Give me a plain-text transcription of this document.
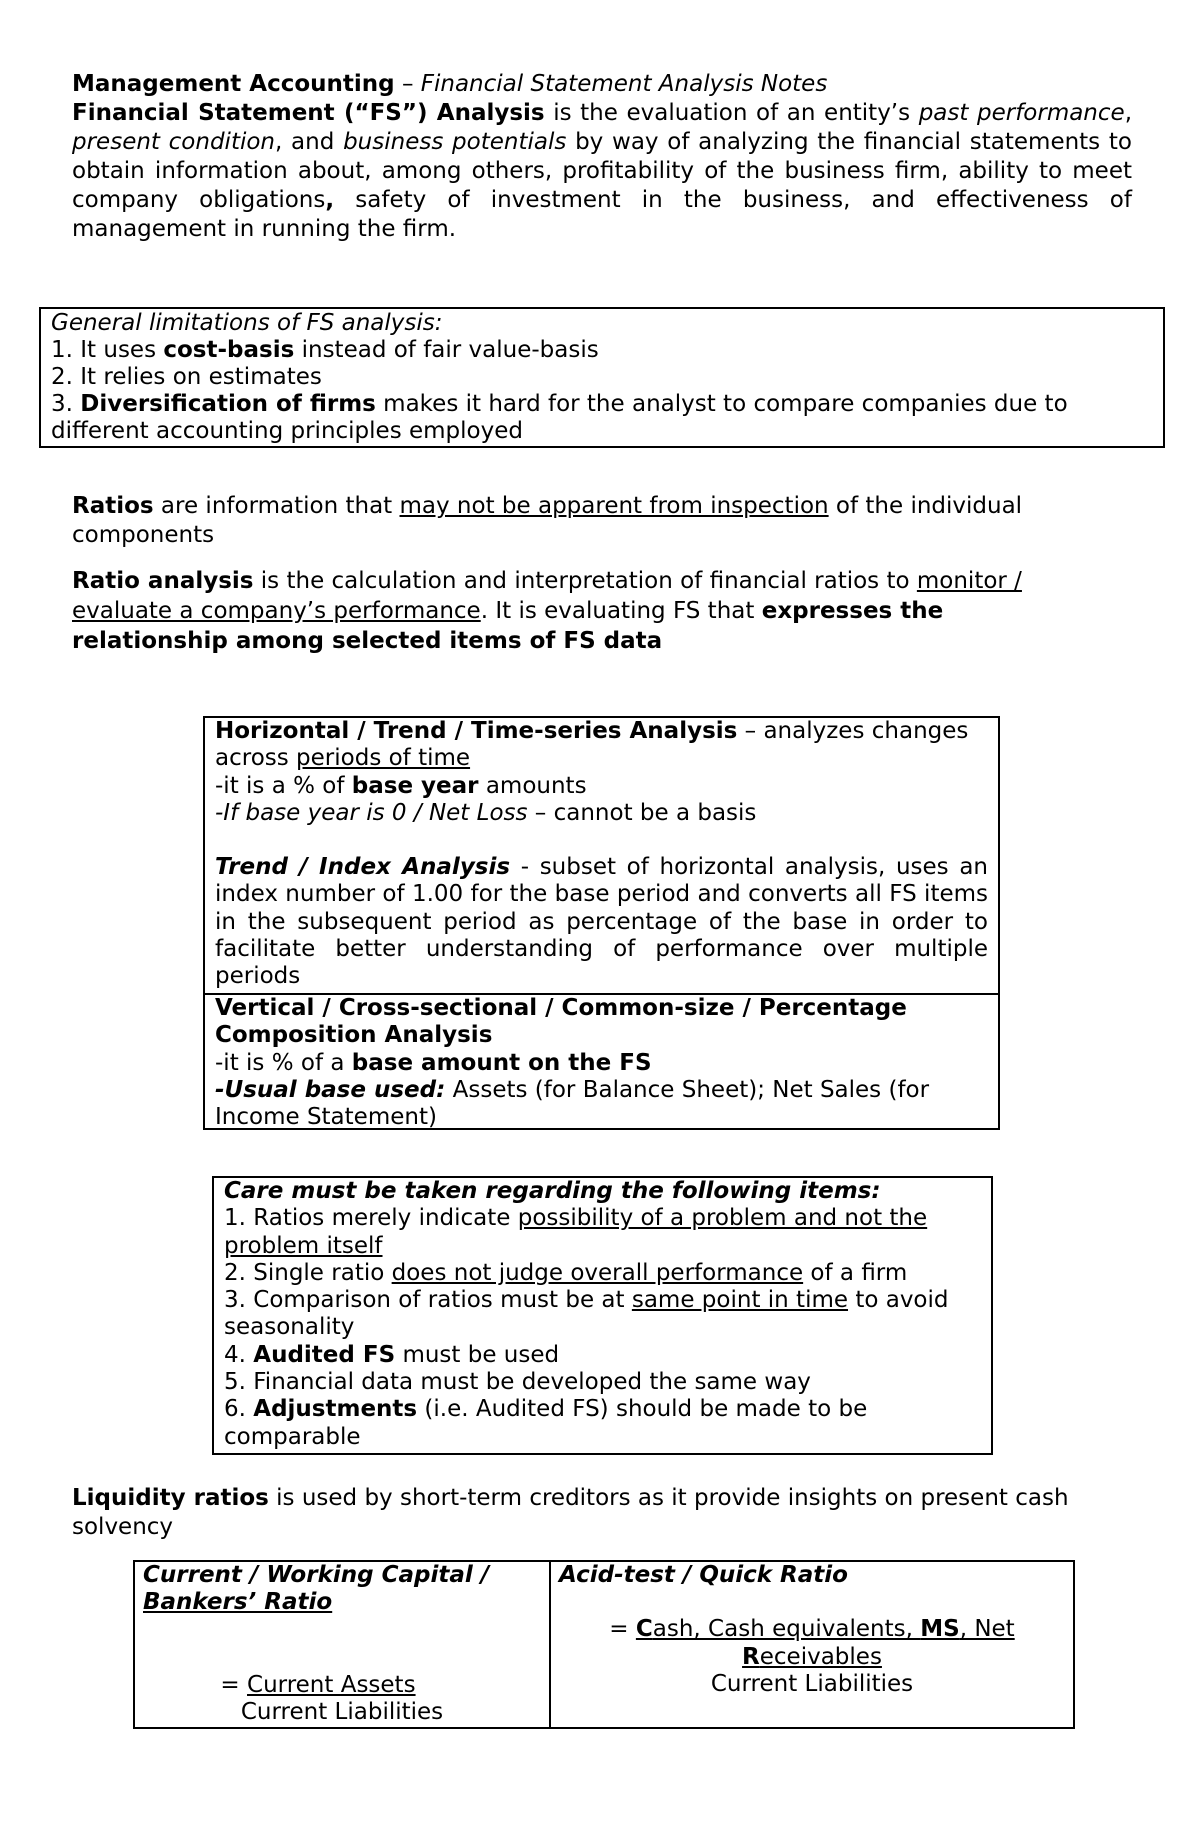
Management Accounting – Financial Statement Analysis Notes

Financial Statement (“FS”) Analysis is the evaluation of an entity’s past performance, present condition, and business potentials by way of analyzing the financial statements to obtain information about, among others, profitability of the business firm, ability to meet company obligations, safety of investment in the business, and effectiveness of management in running the firm.

General limitations of FS analysis:
1. It uses cost-basis instead of fair value-basis
2. It relies on estimates
3. Diversification of firms makes it hard for the analyst to compare companies due to different accounting principles employed

Ratios are information that may not be apparent from inspection of the individual components

Ratio analysis is the calculation and interpretation of financial ratios to monitor / evaluate a company’s performance. It is evaluating FS that expresses the relationship among selected items of FS data

Horizontal / Trend / Time-series Analysis – analyzes changes across periods of time
-it is a % of base year amounts
-If base year is 0 / Net Loss – cannot be a basis
Trend / Index Analysis - subset of horizontal analysis, uses an index number of 1.00 for the base period and converts all FS items in the subsequent period as percentage of the base in order to facilitate better understanding of performance over multiple periods
Vertical / Cross-sectional / Common-size / Percentage Composition Analysis
-it is % of a base amount on the FS
-Usual base used: Assets (for Balance Sheet); Net Sales (for Income Statement)
Care must be taken regarding the following items:
1. Ratios merely indicate possibility of a problem and not the problem itself
2. Single ratio does not judge overall performance of a firm
3. Comparison of ratios must be at same point in time to avoid seasonality
4. Audited FS must be used
5. Financial data must be developed the same way
6. Adjustments (i.e. Audited FS) should be made to be comparable

Liquidity ratios is used by short-term creditors as it provide insights on present cash solvency

Current / Working Capital /
Bankers’ Ratio
= Current Assets
Current Liabilities
Acid-test / Quick Ratio
= Cash, Cash equivalents, MS, Net
Receivables
Current Liabilities
